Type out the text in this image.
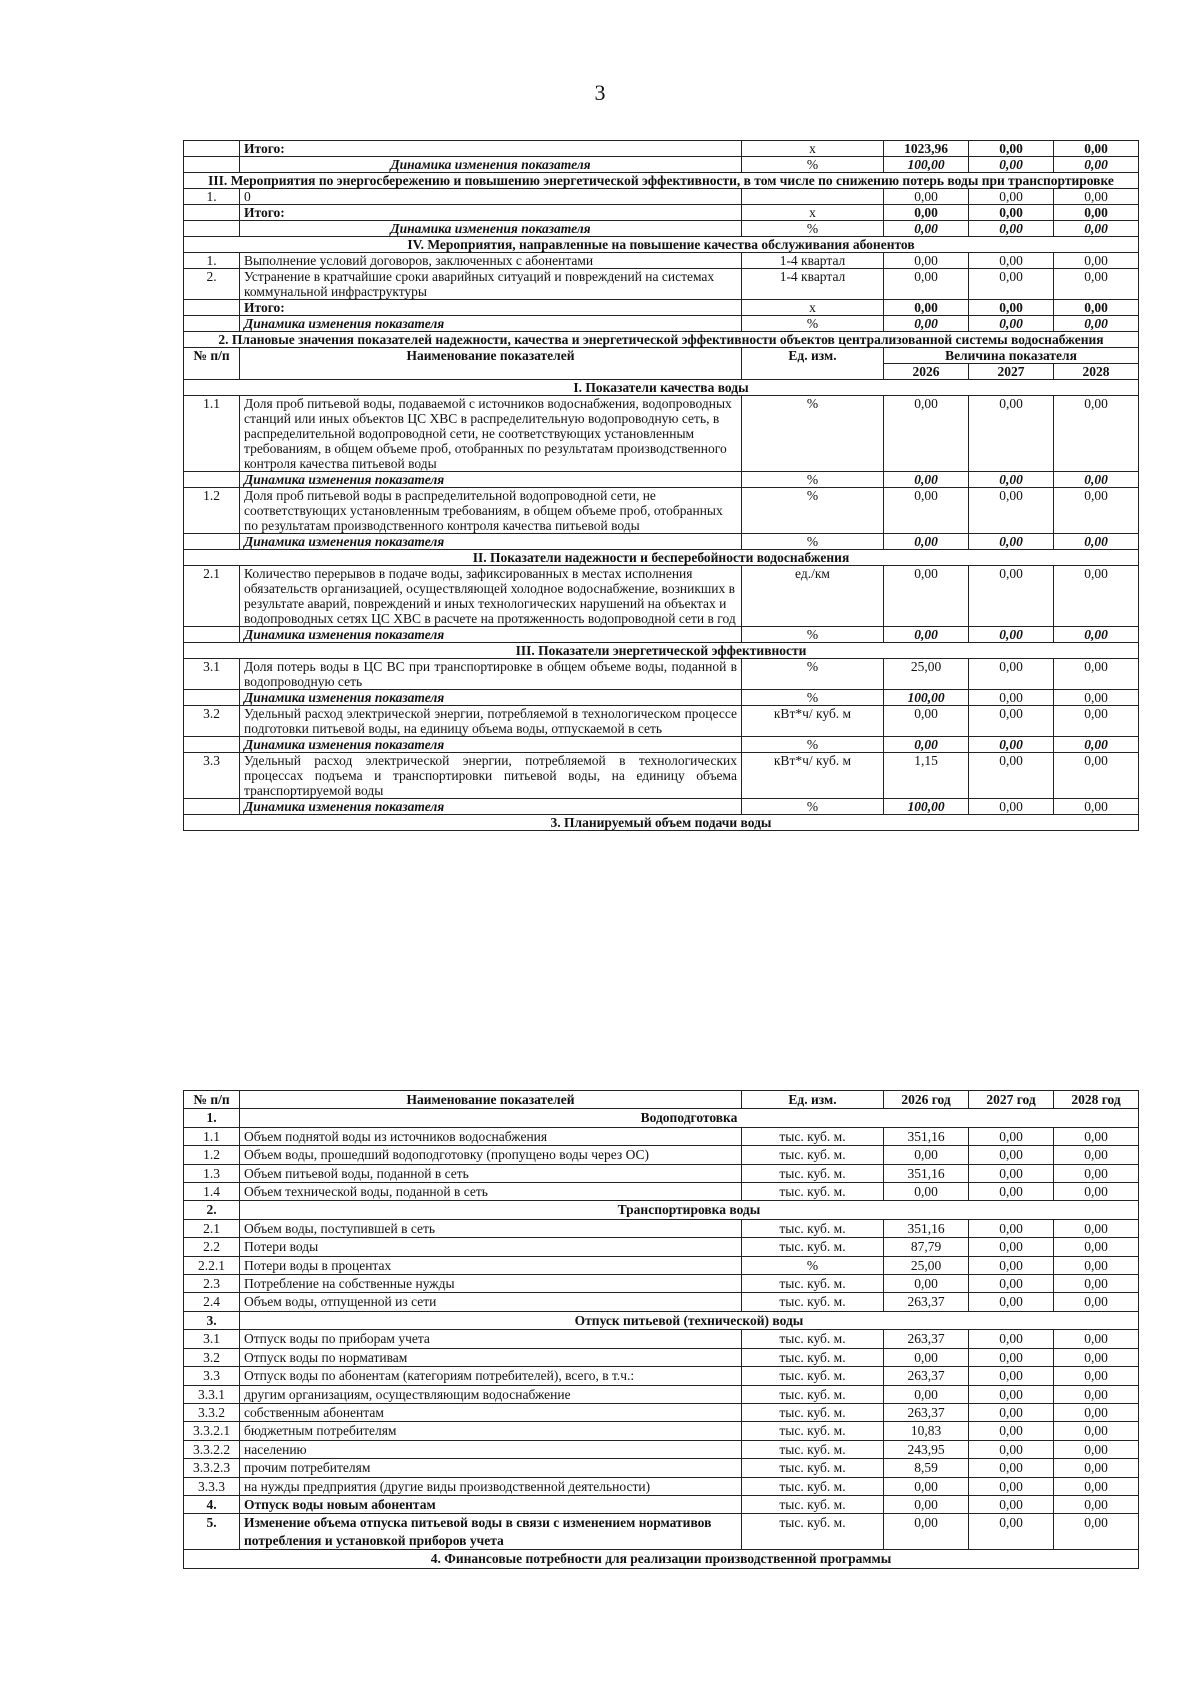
3
	Итого:	х	1023,96	0,00	0,00
	Динамика изменения показателя	%	100,00	0,00	0,00
III. Мероприятия по энергосбережению и повышению энергетической эффективности, в том числе по снижению потерь воды при транспортировке					
1.	0		0,00	0,00	0,00
	Итого:	х	0,00	0,00	0,00
	Динамика изменения показателя	%	0,00	0,00	0,00
IV. Мероприятия, направленные на повышение качества обслуживания абонентов					
1.	Выполнение условий договоров, заключенных с абонентами	1-4 квартал	0,00	0,00	0,00
2.	Устранение в кратчайшие сроки аварийных ситуаций и повреждений на системах коммунальной инфраструктуры	1-4 квартал	0,00	0,00	0,00
	Итого:	х	0,00	0,00	0,00
	Динамика изменения показателя	%	0,00	0,00	0,00
2. Плановые значения показателей надежности, качества и энергетической эффективности объектов централизованной системы водоснабжения					
№ п/п	Наименование показателей	Ед. изм.	Величина показателя		
			2026	2027	2028
I. Показатели качества воды					
1.1	Доля проб питьевой воды, подаваемой с источников водоснабжения, водопроводных станций или иных объектов ЦС ХВС в распределительную водопроводную сеть, в распределительной водопроводной сети, не соответствующих установленным требованиям, в общем объеме проб, отобранных по результатам производственного контроля качества питьевой воды	%	0,00	0,00	0,00
	Динамика изменения показателя	%	0,00	0,00	0,00
1.2	Доля проб питьевой воды в распределительной водопроводной сети, не соответствующих установленным требованиям, в общем объеме проб, отобранных по результатам производственного контроля качества питьевой воды	%	0,00	0,00	0,00
	Динамика изменения показателя	%	0,00	0,00	0,00
II. Показатели надежности и бесперебойности водоснабжения					
2.1	Количество перерывов в подаче воды, зафиксированных в местах исполнения обязательств организацией, осуществляющей холодное водоснабжение, возникших в результате аварий, повреждений и иных технологических нарушений на объектах и водопроводных сетях ЦС ХВС в расчете на протяженность водопроводной сети в год	ед./км	0,00	0,00	0,00
	Динамика изменения показателя	%	0,00	0,00	0,00
III. Показатели энергетической эффективности					
3.1	Доля потерь воды в ЦС ВС при транспортировке в общем объеме воды, поданной в водопроводную сеть	%	25,00	0,00	0,00
	Динамика изменения показателя	%	100,00	0,00	0,00
3.2	Удельный расход электрической энергии, потребляемой в технологическом процессе подготовки питьевой воды, на единицу объема воды, отпускаемой в сеть	кВт*ч/ куб. м	0,00	0,00	0,00
	Динамика изменения показателя	%	0,00	0,00	0,00
3.3	Удельный расход электрической энергии, потребляемой в технологических процессах подъема и транспортировки питьевой воды, на единицу объема транспортируемой воды	кВт*ч/ куб. м	1,15	0,00	0,00
	Динамика изменения показателя	%	100,00	0,00	0,00
3. Планируемый объем подачи воды					
№ п/п	Наименование показателей	Ед. изм.	2026 год	2027 год	2028 год
1.	Водоподготовка				
1.1	Объем поднятой воды из источников водоснабжения	тыс. куб. м.	351,16	0,00	0,00
1.2	Объем воды, прошедший водоподготовку (пропущено воды через ОС)	тыс. куб. м.	0,00	0,00	0,00
1.3	Объем питьевой воды, поданной в сеть	тыс. куб. м.	351,16	0,00	0,00
1.4	Объем технической воды, поданной в сеть	тыс. куб. м.	0,00	0,00	0,00
2.	Транспортировка воды				
2.1	Объем воды, поступившей в сеть	тыс. куб. м.	351,16	0,00	0,00
2.2	Потери воды	тыс. куб. м.	87,79	0,00	0,00
2.2.1	Потери воды в процентах	%	25,00	0,00	0,00
2.3	Потребление на собственные нужды	тыс. куб. м.	0,00	0,00	0,00
2.4	Объем воды, отпущенной из сети	тыс. куб. м.	263,37	0,00	0,00
3.	Отпуск питьевой (технической) воды				
3.1	Отпуск воды по приборам учета	тыс. куб. м.	263,37	0,00	0,00
3.2	Отпуск воды по нормативам	тыс. куб. м.	0,00	0,00	0,00
3.3	Отпуск воды по абонентам (категориям потребителей), всего, в т.ч.:	тыс. куб. м.	263,37	0,00	0,00
3.3.1	другим организациям, осуществляющим водоснабжение	тыс. куб. м.	0,00	0,00	0,00
3.3.2	собственным абонентам	тыс. куб. м.	263,37	0,00	0,00
3.3.2.1	бюджетным потребителям	тыс. куб. м.	10,83	0,00	0,00
3.3.2.2	населению	тыс. куб. м.	243,95	0,00	0,00
3.3.2.3	прочим потребителям	тыс. куб. м.	8,59	0,00	0,00
3.3.3	на нужды предприятия (другие виды производственной деятельности)	тыс. куб. м.	0,00	0,00	0,00
4.	Отпуск воды новым абонентам	тыс. куб. м.	0,00	0,00	0,00
5.	Изменение объема отпуска питьевой воды в связи с изменением нормативов потребления и установкой приборов учета	тыс. куб. м.	0,00	0,00	0,00
4. Финансовые потребности для реализации производственной программы					
